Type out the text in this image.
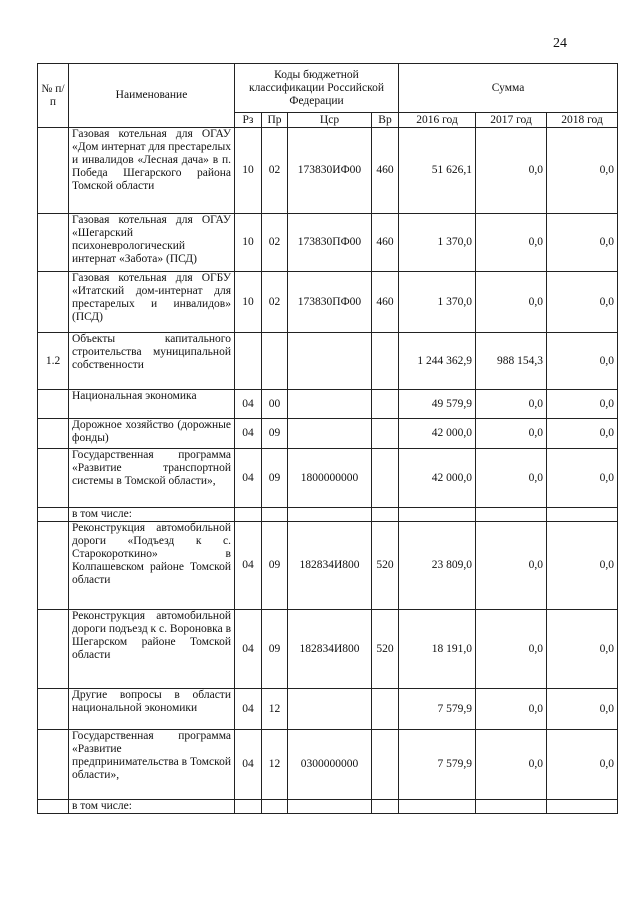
24
№ п/п	Наименование	Коды бюджетной классификации Российской Федерации				Сумма		
		Рз	Пр	Цср	Вр	2016 год	2017 год	2018 год
	Газовая котельная для ОГАУ «Дом интернат для престарелых и инвалидов «Лесная дача» в п. Победа Шегарского района Томской области	10	02	173830ИФ00	460	51 626,1	0,0	0,0
	Газовая котельная для ОГАУ «Шегарский психоневрологический интернат «Забота» (ПСД)	10	02	173830ПФ00	460	1 370,0	0,0	0,0
	Газовая котельная для ОГБУ «Итатский дом-интернат для престарелых и инвалидов» (ПСД)	10	02	173830ПФ00	460	1 370,0	0,0	0,0
1.2	Объекты капитального строительства муниципальной собственности					1 244 362,9	988 154,3	0,0
	Национальная экономика	04	00			49 579,9	0,0	0,0
	Дорожное хозяйство (дорожные фонды)	04	09			42 000,0	0,0	0,0
	Государственная программа «Развитие транспортной системы в Томской области»,	04	09	1800000000		42 000,0	0,0	0,0
	в том числе:							
	Реконструкция автомобильной дороги «Подъезд к с. Старокороткино» в Колпашевском районе Томской области	04	09	182834И800	520	23 809,0	0,0	0,0
	Реконструкция автомобильной дороги подъезд к с. Вороновка в Шегарском районе Томской области	04	09	182834И800	520	18 191,0	0,0	0,0
	Другие вопросы в области национальной экономики	04	12			7 579,9	0,0	0,0
	Государственная программа «Развитие предпринимательства в Томской области»,	04	12	0300000000		7 579,9	0,0	0,0
	в том числе:							
